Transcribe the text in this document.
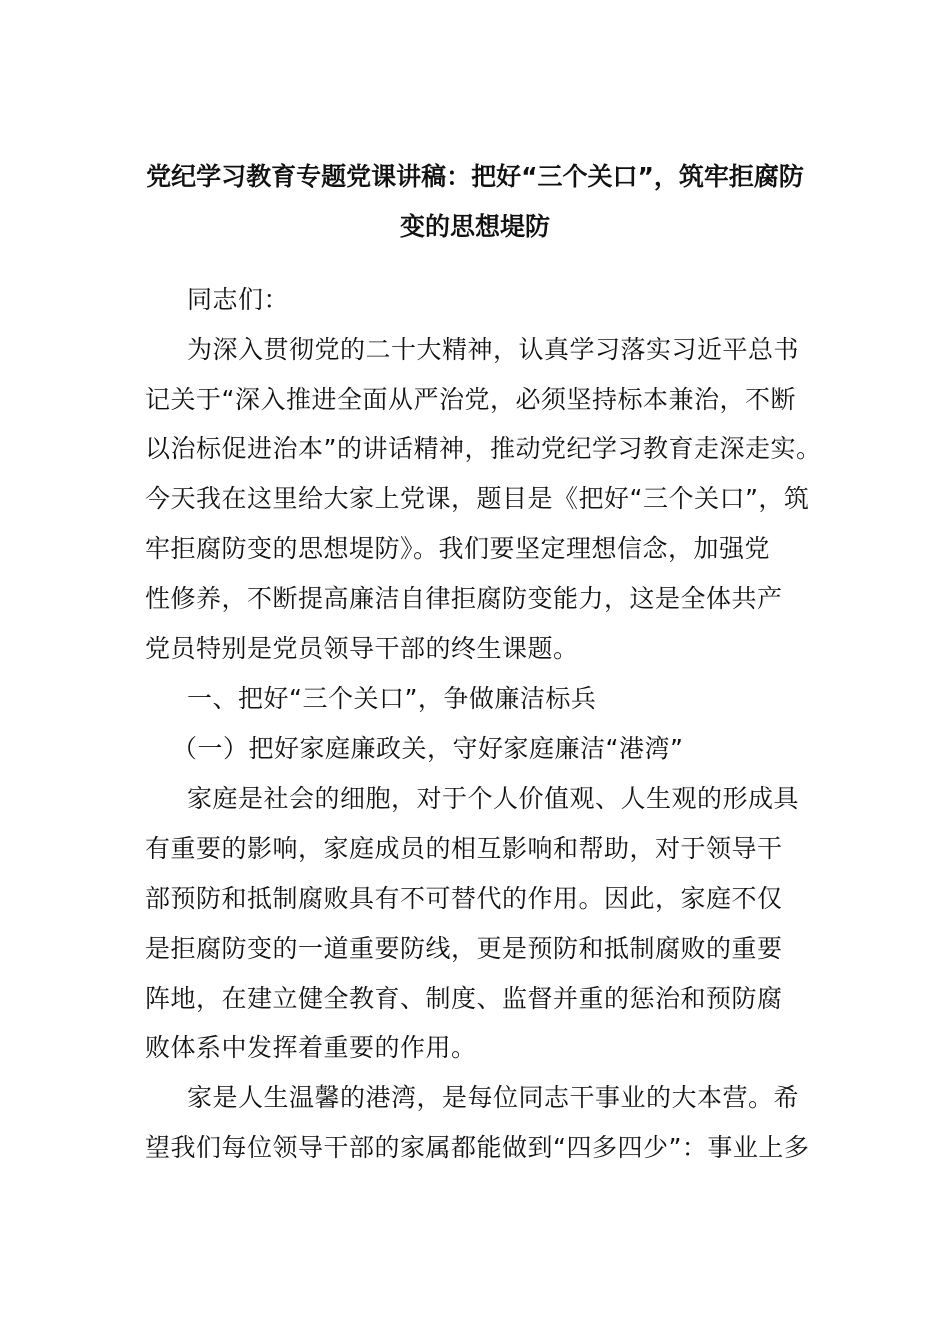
党纪学习教育专题党课讲稿：把好“三个关口”，筑牢拒腐防
变的思想堤防
同志们：
为深入贯彻党的二十大精神，认真学习落实习近平总书
记关于“深入推进全面从严治党，必须坚持标本兼治，不断
以治标促进治本”的讲话精神，推动党纪学习教育走深走实。
今天我在这里给大家上党课，题目是《把好“三个关口”，筑
牢拒腐防变的思想堤防》。我们要坚定理想信念，加强党
性修养，不断提高廉洁自律拒腐防变能力，这是全体共产
党员特别是党员领导干部的终生课题。
一、把好“三个关口”，争做廉洁标兵
（一）把好家庭廉政关，守好家庭廉洁“港湾”
家庭是社会的细胞，对于个人价值观、人生观的形成具
有重要的影响，家庭成员的相互影响和帮助，对于领导干
部预防和抵制腐败具有不可替代的作用。因此，家庭不仅
是拒腐防变的一道重要防线，更是预防和抵制腐败的重要
阵地，在建立健全教育、制度、监督并重的惩治和预防腐
败体系中发挥着重要的作用。
家是人生温馨的港湾，是每位同志干事业的大本营。希
望我们每位领导干部的家属都能做到“四多四少”：事业上多
